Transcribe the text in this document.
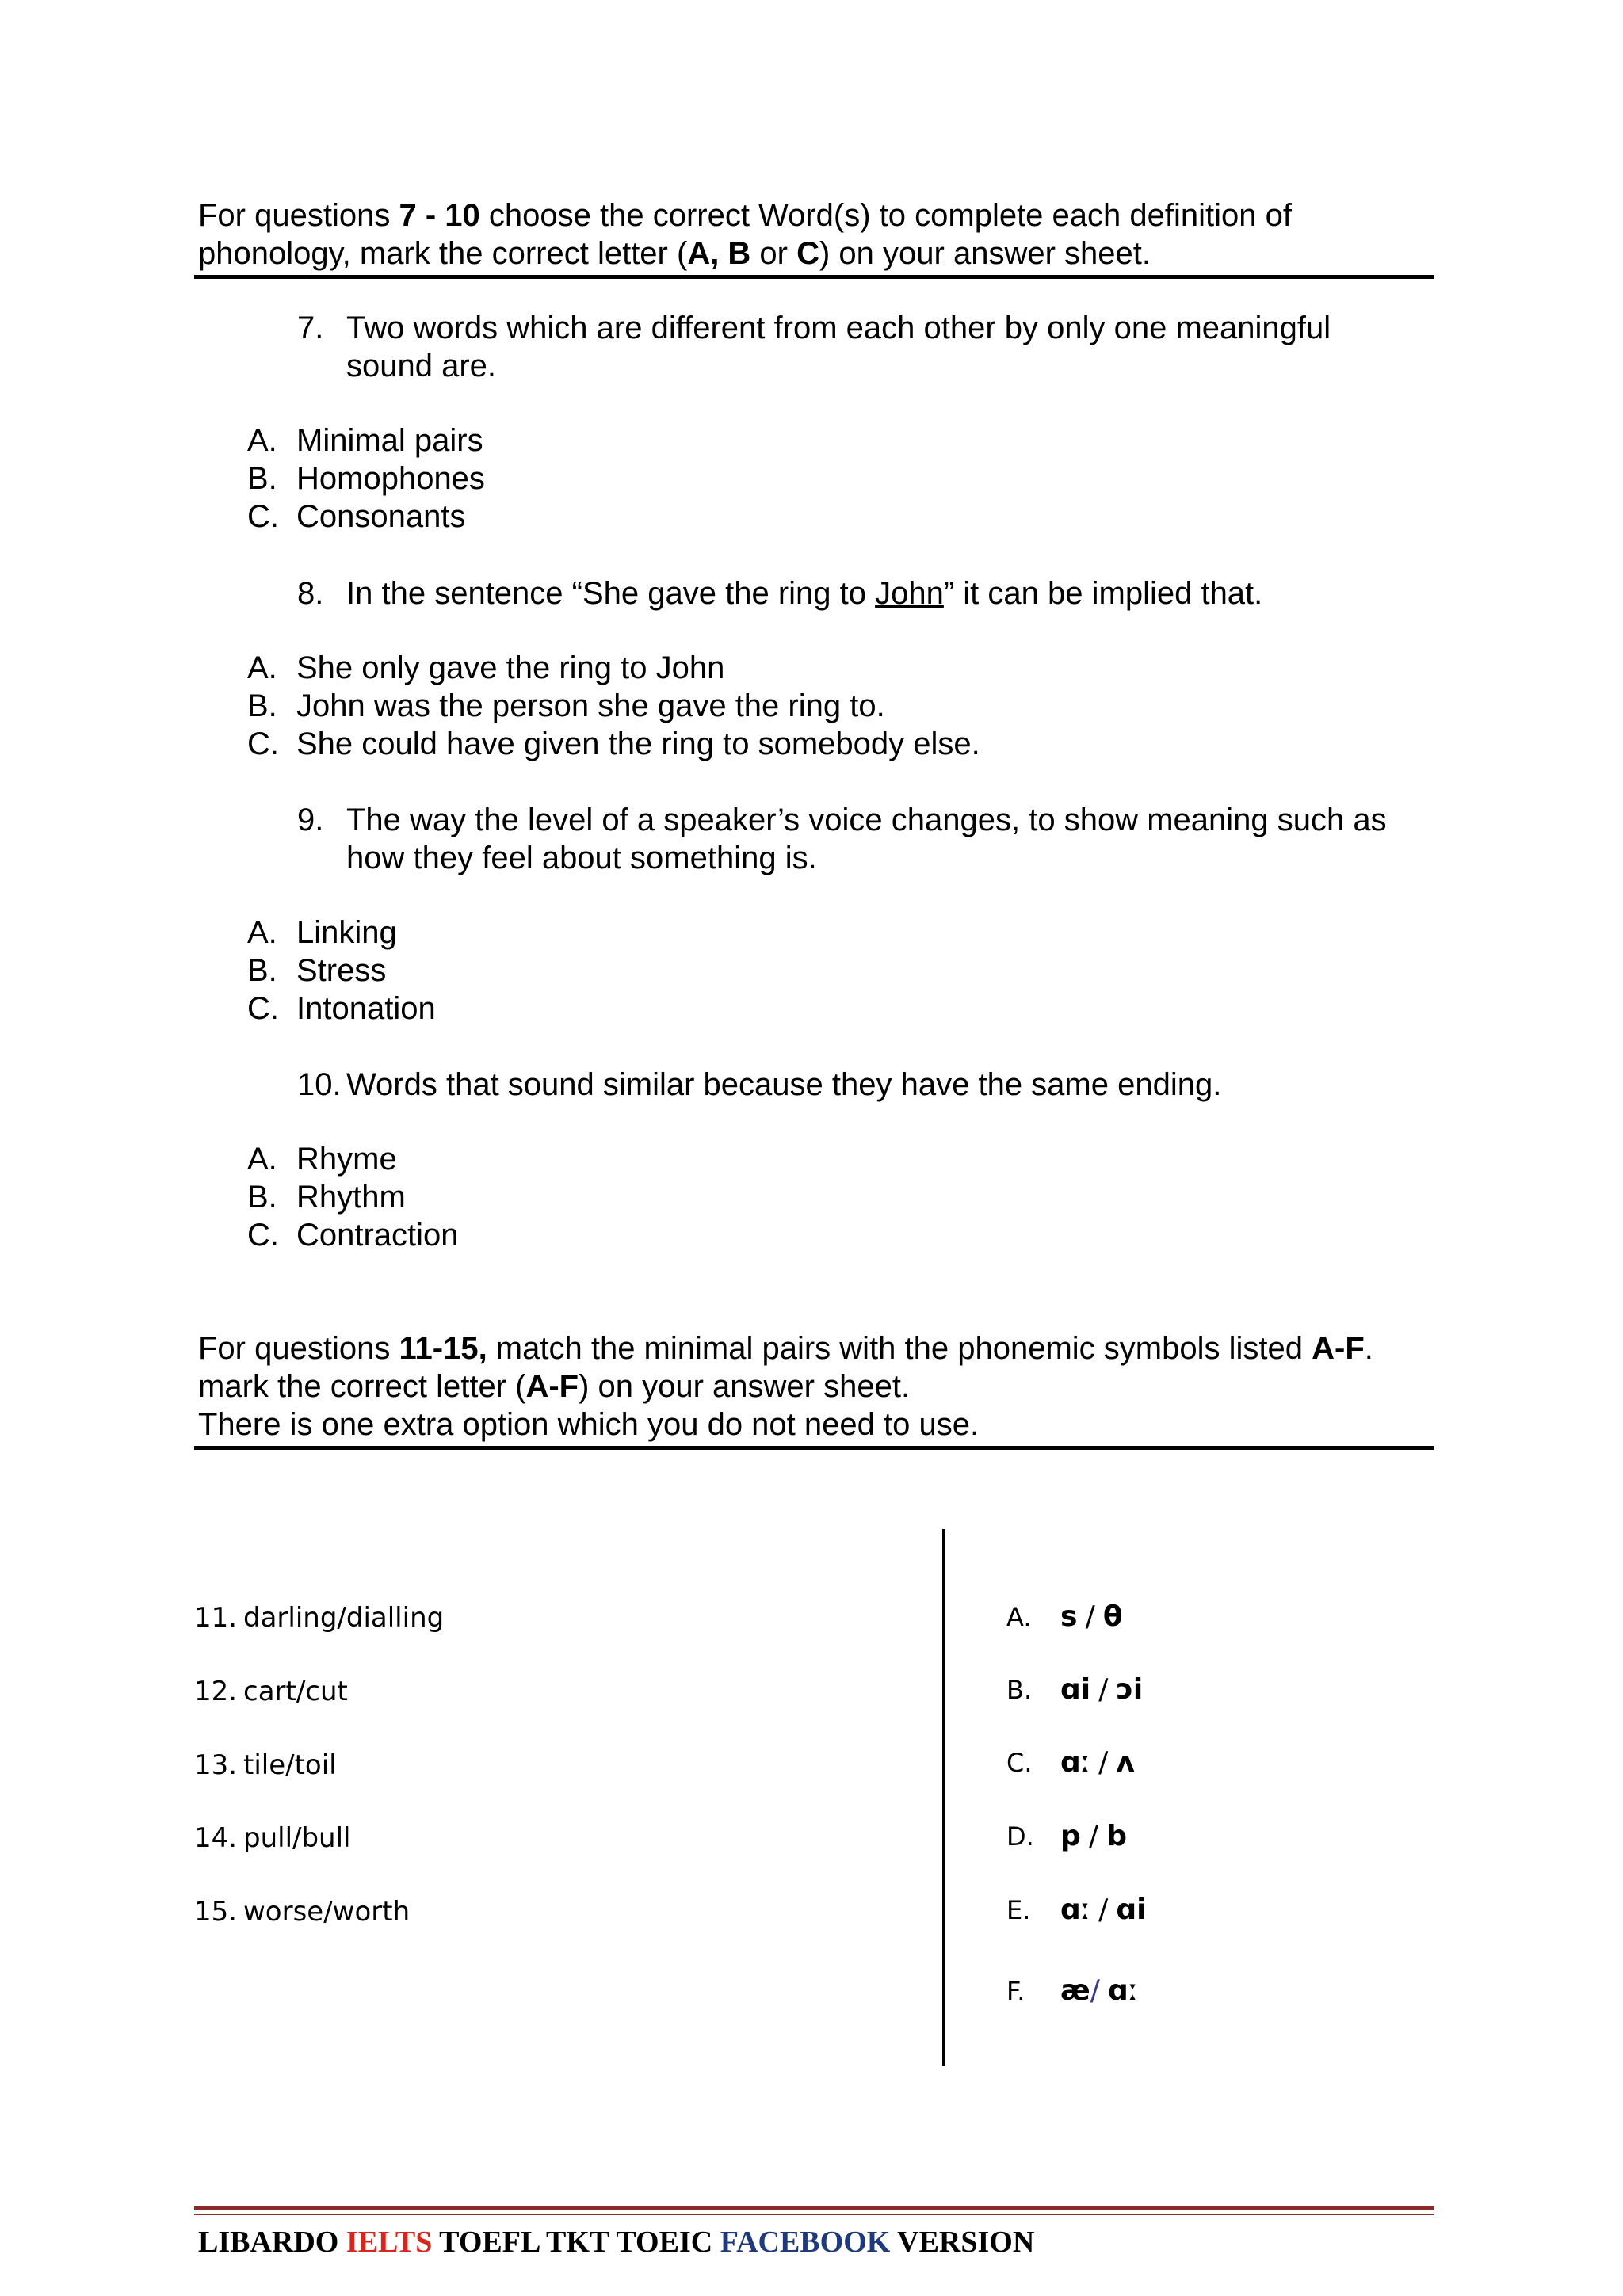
For questions 7 - 10 choose the correct Word(s) to complete each definition of
phonology, mark the correct letter (A, B or C) on your answer sheet.
7. Two words which are different from each other by only one meaningful
sound are.
A. Minimal pairs
B. Homophones
C. Consonants
8. In the sentence “She gave the ring to John” it can be implied that.
A. She only gave the ring to John
B. John was the person she gave the ring to.
C. She could have given the ring to somebody else.
9. The way the level of a speaker’s voice changes, to show meaning such as
how they feel about something is.
A. Linking
B. Stress
C. Intonation
10. Words that sound similar because they have the same ending.
A. Rhyme
B. Rhythm
C. Contraction
For questions 11-15, match the minimal pairs with the phonemic symbols listed A-F.
mark the correct letter (A-F) on your answer sheet.
There is one extra option which you do not need to use.
11. darling/dialling
12. cart/cut
13. tile/toil
14. pull/bull
15. worse/worth
A. s / θ
B. ɑi / ɔi
C. ɑː / ʌ
D. p / b
E. ɑː / ɑi
F. æ/ ɑː
LIBARDO IELTS TOEFL TKT TOEIC FACEBOOK VERSION
